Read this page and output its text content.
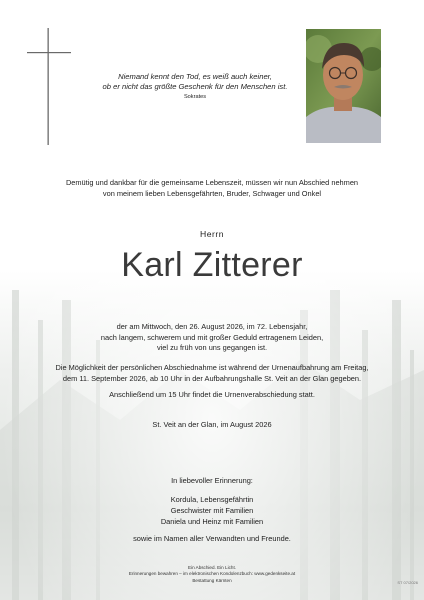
Niemand kennt den Tod, es weiß auch keiner,
ob er nicht das größte Geschenk für den Menschen ist.
Sokrates
Demütig und dankbar für die gemeinsame Lebenszeit, müssen wir nun Abschied nehmen
von meinem lieben Lebensgefährten, Bruder, Schwager und Onkel
Herrn
Karl Zitterer
der am Mittwoch, den 26. August 2026, im 72. Lebensjahr,
nach langem, schwerem und mit großer Geduld ertragenem Leiden,
viel zu früh von uns gegangen ist.
Die Möglichkeit der persönlichen Abschiednahme ist während der Urnenaufbahrung am Freitag,
dem 11. September 2026, ab 10 Uhr in der Aufbahrungshalle St. Veit an der Glan gegeben.
Anschließend um 15 Uhr findet die Urnenverabschiedung statt.
St. Veit an der Glan, im August 2026
In liebevoller Erinnerung:
Kordula, Lebensgefährtin
Geschwister mit Familien
Daniela und Heinz mit Familien
sowie im Namen aller Verwandten und Freunde.
Ein Abschied. Ein Licht.
Erinnerungen bewahren – im elektronischen Kondolenzbuch: www.gedenkseite.at
Bestattung Kärnten	ST 07/2026
